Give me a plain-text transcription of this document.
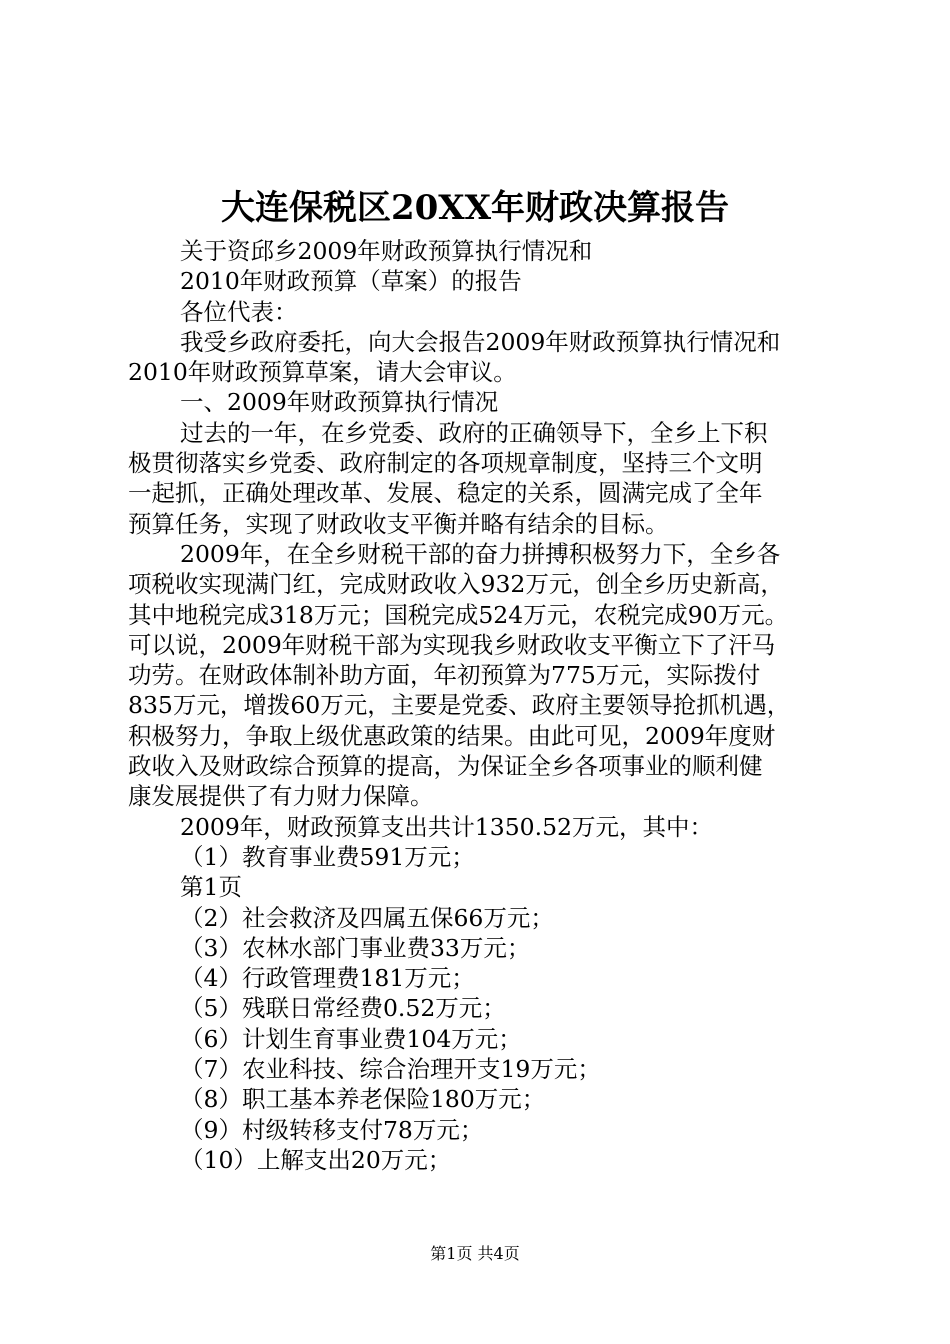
大连保税区20XX年财政决算报告

关于资邱乡2009年财政预算执行情况和

2010年财政预算（草案）的报告

各位代表：

我受乡政府委托，向大会报告2009年财政预算执行情况和

2010年财政预算草案，请大会审议。

一、2009年财政预算执行情况

过去的一年，在乡党委、政府的正确领导下，全乡上下积

极贯彻落实乡党委、政府制定的各项规章制度，坚持三个文明

一起抓，正确处理改革、发展、稳定的关系，圆满完成了全年

预算任务，实现了财政收支平衡并略有结余的目标。

2009年，在全乡财税干部的奋力拼搏积极努力下，全乡各

项税收实现满门红，完成财政收入932万元，创全乡历史新高，

其中地税完成318万元；国税完成524万元，农税完成90万元。

可以说，2009年财税干部为实现我乡财政收支平衡立下了汗马

功劳。在财政体制补助方面，年初预算为775万元，实际拨付

835万元，增拨60万元，主要是党委、政府主要领导抢抓机遇，

积极努力，争取上级优惠政策的结果。由此可见，2009年度财

政收入及财政综合预算的提高，为保证全乡各项事业的顺利健

康发展提供了有力财力保障。

2009年，财政预算支出共计1350.52万元，其中：

（1）教育事业费591万元；

第1页

（2）社会救济及四属五保66万元；

（3）农林水部门事业费33万元；

（4）行政管理费181万元；

（5）残联日常经费0.52万元；

（6）计划生育事业费104万元；

（7）农业科技、综合治理开支19万元；

（8）职工基本养老保险180万元；

（9）村级转移支付78万元；

（10）上解支出20万元；

第1页 共4页
